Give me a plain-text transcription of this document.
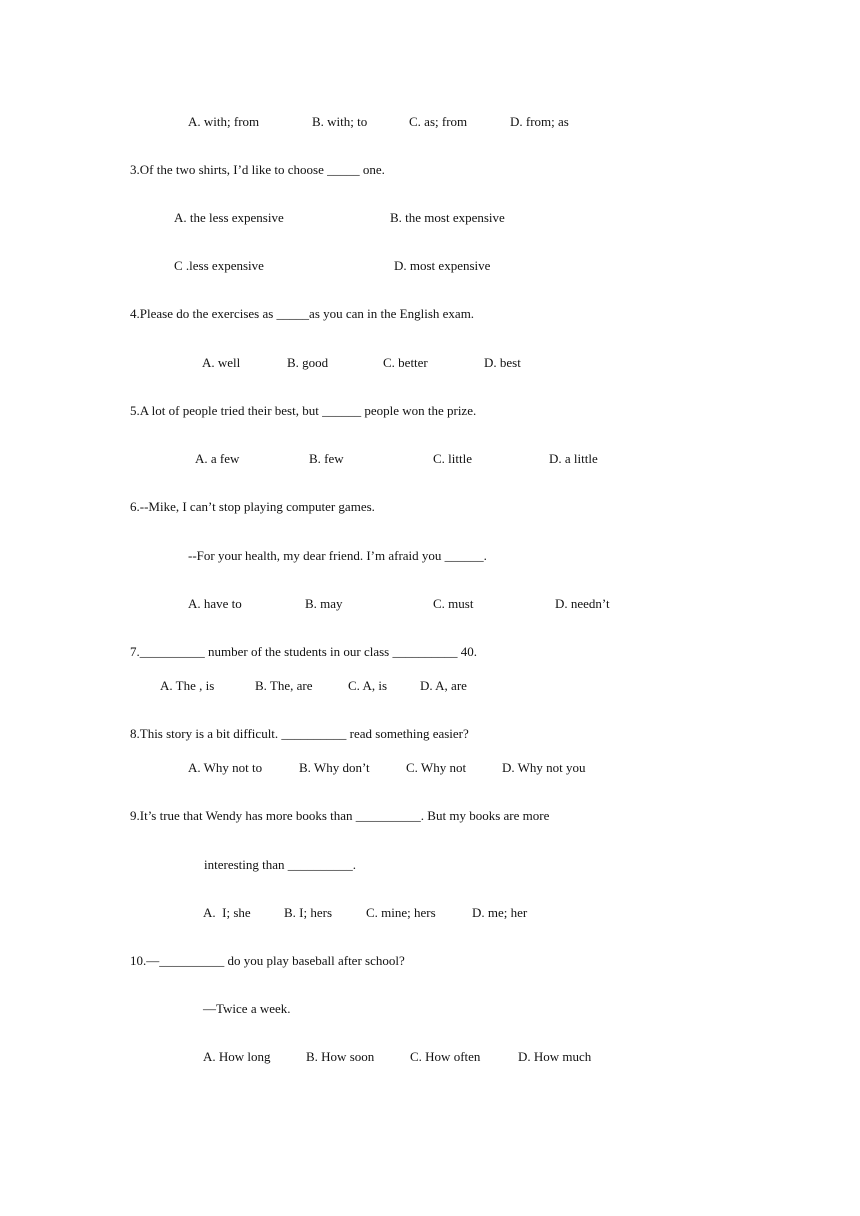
A. with; from	B. with; to	C. as; from	D. from; as
3.Of the two shirts, I’d like to choose _____ one.
A. the less expensive	B. the most expensive
C .less expensive	D. most expensive
4.Please do the exercises as _____as you can in the English exam.
A. well	B. good	C. better	D. best
5.A lot of people tried their best, but ______ people won the prize.
A. a few	B. few	C. little	D. a little
6.--Mike, I can’t stop playing computer games.
--For your health, my dear friend. I’m afraid you ______.
A. have to	B. may	C. must	D. needn’t
7.__________ number of the students in our class __________ 40.
A. The , is	B. The, are	C. A, is	D. A, are
8.This story is a bit difficult. __________ read something easier?
A. Why not to	B. Why don’t	C. Why not	D. Why not you
9.It’s true that Wendy has more books than __________. But my books are more
interesting than __________.
A.  I; she	B. I; hers	C. mine; hers	D. me; her
10.—__________ do you play baseball after school?
—Twice a week.
A. How long	B. How soon	C. How often	D. How much
